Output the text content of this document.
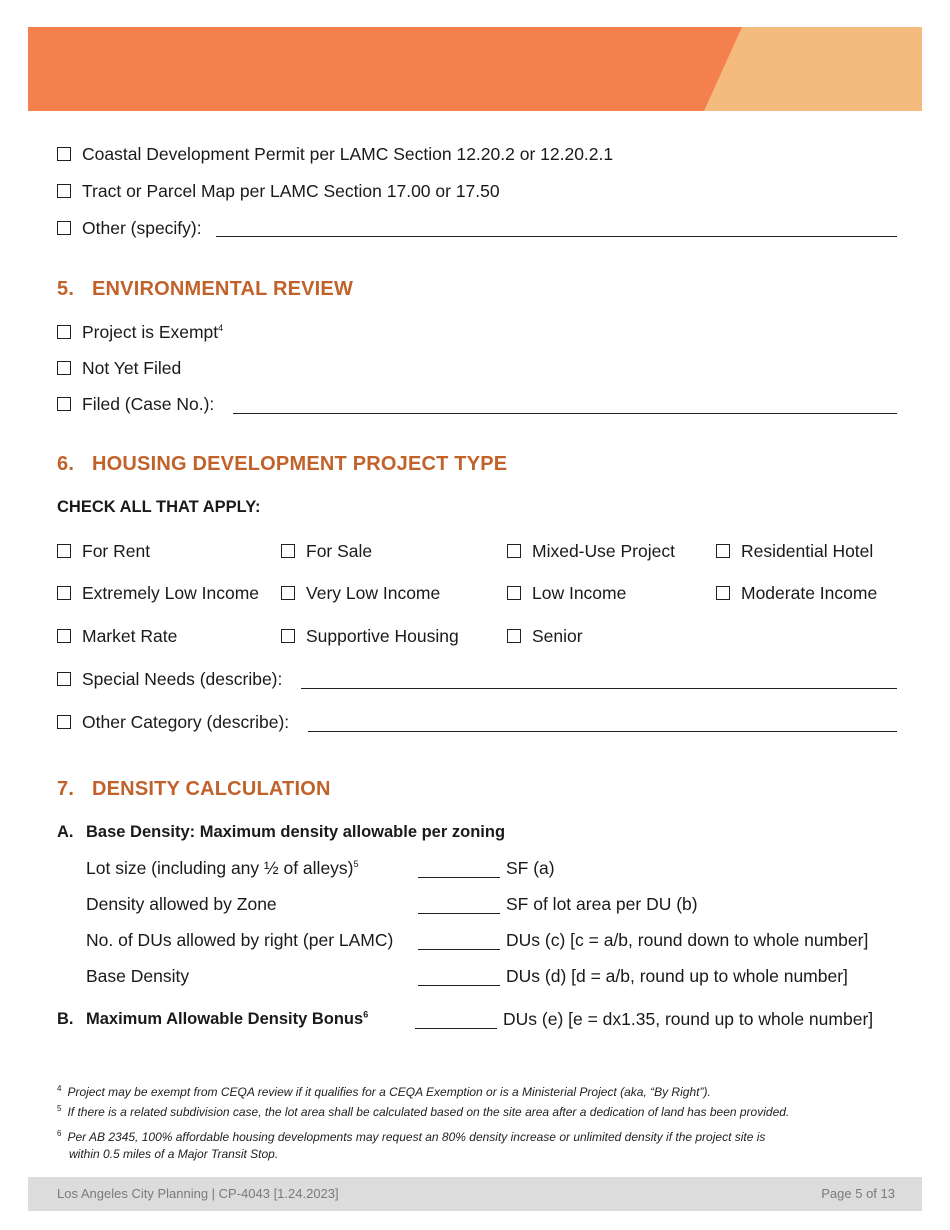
Coastal Development Permit per LAMC Section 12.20.2 or 12.20.2.1
Tract or Parcel Map per LAMC Section 17.00 or 17.50
Other (specify):
5. ENVIRONMENTAL REVIEW
Project is Exempt$^4$
Not Yet Filed
Filed (Case No.):
6. HOUSING DEVELOPMENT PROJECT TYPE
CHECK ALL THAT APPLY:
For Rent	For Sale	Mixed-Use Project	Residential Hotel
Extremely Low Income	Very Low Income	Low Income	Moderate Income
Market Rate	Supportive Housing	Senior
Special Needs (describe):
Other Category (describe):
7. DENSITY CALCULATION
A. Base Density: Maximum density allowable per zoning
Lot size (including any ½ of alleys)$^5$	SF (a)
Density allowed by Zone	SF of lot area per DU (b)
No. of DUs allowed by right (per LAMC)	DUs (c) [c = a/b, round down to whole number]
Base Density	DUs (d) [d = a/b, round up to whole number]
B. Maximum Allowable Density Bonus$^6$	DUs (e) [e = dx1.35, round up to whole number]
$^4$ Project may be exempt from CEQA review if it qualifies for a CEQA Exemption or is a Ministerial Project (aka, “By Right”).
$^5$ If there is a related subdivision case, the lot area shall be calculated based on the site area after a dedication of land has been provided.
$^6$ Per AB 2345, 100% affordable housing developments may request an 80% density increase or unlimited density if the project site is
within 0.5 miles of a Major Transit Stop.
Los Angeles City Planning | CP-4043 [1.24.2023]	Page 5 of 13
